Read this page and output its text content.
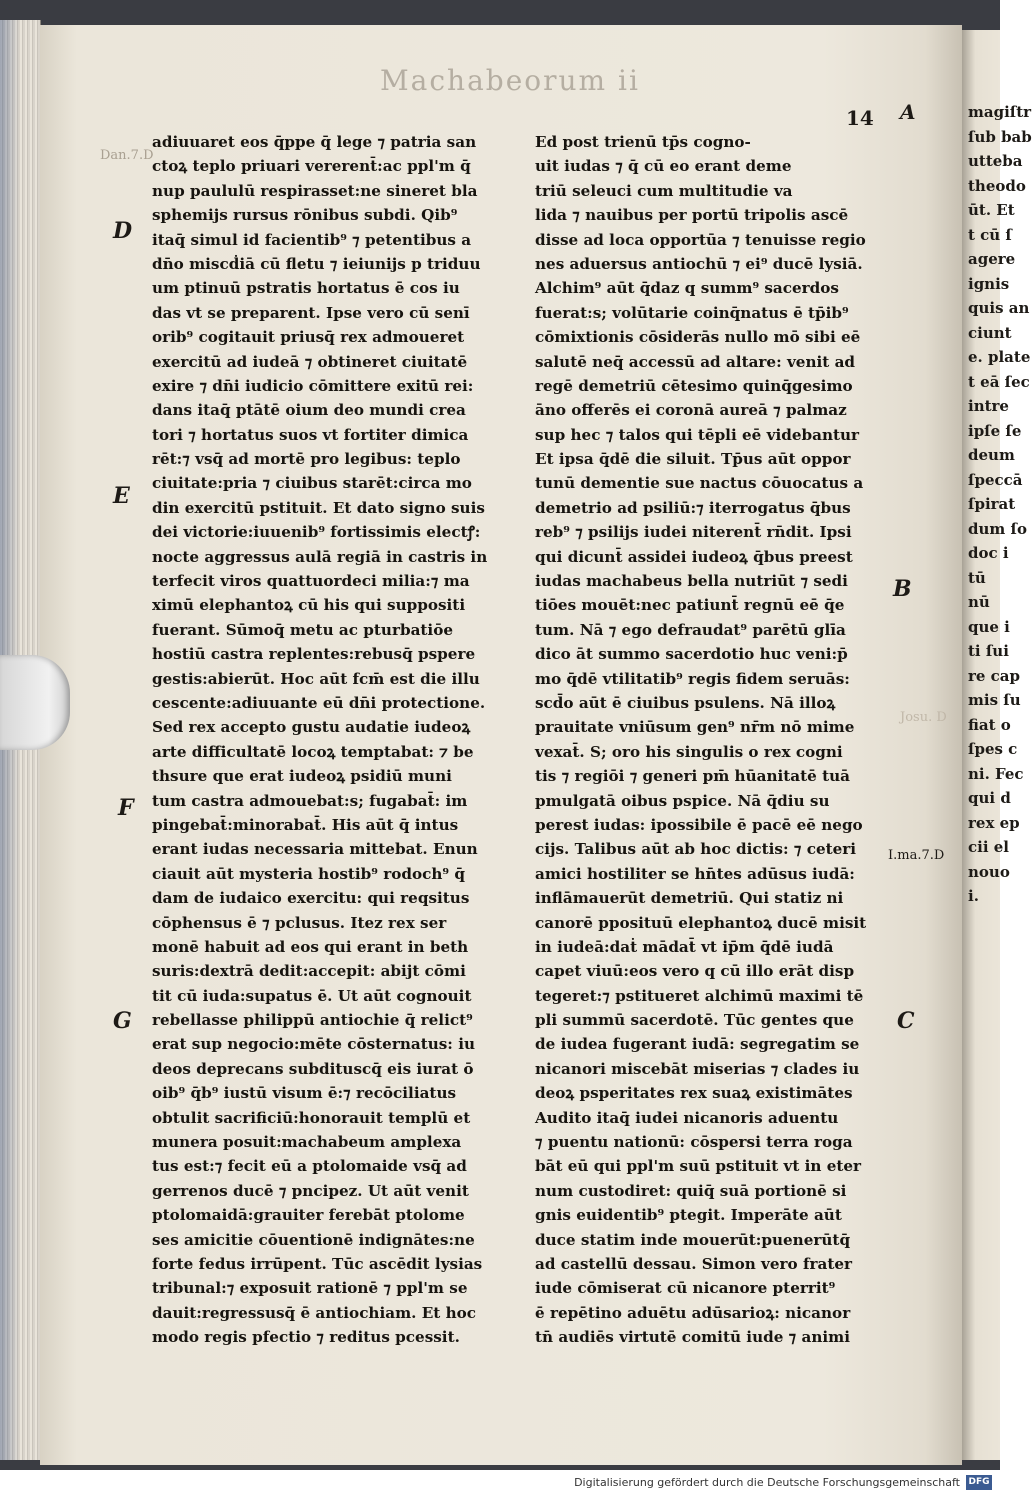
magiſtr
ſub bab
utteba
theodo
ūt. Et
t cū ſ
agere
ignis
quis an
ciunt
e. plate
t eā ſec
intre
ipſe ſe
deum
ſpeccā
ſpirat
dum ſo
doc i
tū
nū
que i
ti ſui
re cap
mis ſu
fiat o
ſpes c
ni. Fec
qui d
rex ep
cii el
nouo
i.
Machabeorum ii
14 A
Dan.7.D
I.ma.7.D
Josu. D
D
E
F
G
B
C
adiuuaret eos q̄ppe q̄ lege ⁊ patria san
ctoꝝ teplo priuari vererent̄:ac ppl'm q̄
nup paululū respirasset:ne sineret bla
sphemijs rursus rōnibus subdi. Qib⁹
itaq̄ simul id facientib⁹ ⁊ petentibus a
dn̄o miscḋiā cū fletu ⁊ ieiunijs p triduu
um ptinuū pstratis hortatus ē cos iu
das vt se preparent. Ipse vero cū senī
orib⁹ cogitauit priusq̄ rex admoueret
exercitū ad iudeā ⁊ obtineret ciuitatē
exire ⁊ dn̄i iudicio cōmittere exitū rei:
dans itaq̄ ptātē oium deo mundi crea
tori ⁊ hortatus suos vt fortiter dimica
rēt:⁊ vsq̄ ad mortē pro legibus: teplo
ciuitate:pria ⁊ ciuibus starēt:circa mo
din exercitū pstituit. Et dato signo suis
dei victorie:iuuenib⁹ fortissimis electꝭ:
nocte aggressus aulā regiā in castris in
terfecit viros quattuordeci milia:⁊ ma
ximū elephantoꝝ cū his qui suppositi
fuerant. Sūmoq̄ metu ac pturbatiōe
hostiū castra replentes:rebusq̄ pspere
gestis:abierūt. Hoc aūt fcm̄ est die illu
cescente:adiuuante eū dn̄i protectione.
Sed rex accepto gustu audatie iudeoꝝ
arte difficultatē locoꝝ temptabat: ⁊ be
thsure que erat iudeoꝝ psidiū muni
tum castra admouebat:s; fugabat̄: im
pingebat̄:minorabat̄. His aūt q̄ intus
erant iudas necessaria mittebat. Enun
ciauit aūt mysteria hostib⁹ rodoch⁹ q̄
dam de iudaico exercitu: qui reqsitus
cōphensus ē ⁊ pclusus. Itez rex ser
monē habuit ad eos qui erant in beth
suris:dextrā dedit:accepit: abijt cōmi
tit cū iuda:supatus ē. Ut aūt cognouit
rebellasse philippū antiochie q̄ relict⁹
erat sup negocio:mēte cōsternatus: iu
deos deprecans subdituscq̄ eis iurat ō
oib⁹ q̄b⁹ iustū visum ē:⁊ recōciliatus
obtulit sacrificiū:honorauit templū et
munera posuit:machabeum amplexa
tus est:⁊ fecit eū a ptolomaide vsq̄ ad
gerrenos ducē ⁊ pncipez. Ut aūt venit
ptolomaidā:grauiter ferebāt ptolome
ses amicitie cōuentionē indignātes:ne
forte fedus irrūpent. Tūc ascēdit lysias
tribunal:⁊ exposuit rationē ⁊ ppl'm se
dauit:regressusq̄ ē antiochiam. Et hoc
modo regis pfectio ⁊ reditus pcessit.
Ed post trienū tp̄s cogno-
uit iudas ⁊ q̄ cū eo erant deme
triū seleuci cum multitudie va
lida ⁊ nauibus per portū tripolis ascē
disse ad loca opportūa ⁊ tenuisse regio
nes aduersus antiochū ⁊ ei⁹ ducē lysiā.
Alchim⁹ aūt q̄daz q summ⁹ sacerdos
fuerat:s; volūtarie coinq̄natus ē tp̄ib⁹
cōmixtionis cōsiderās nullo mō sibi eē
salutē neq̄ accessū ad altare: venit ad
regē demetriū cētesimo quinq̄gesimo
āno offerēs ei coronā aureā ⁊ palmaz
sup hec ⁊ talos qui tēpli eē videbantur
Et ipsa q̄dē die siluit. Tp̄us aūt oppor
tunū dementie sue nactus cōuocatus a
demetrio ad psiliū:⁊ iterrogatus q̄bus
reb⁹ ⁊ psilijs iudei niterent̄ rn̄dit. Ipsi
qui dicunt̄ assidei iudeoꝝ q̄bus preest
iudas machabeus bella nutriūt ⁊ sedi
tiōes mouēt:nec patiunt̄ regnū eē q̄e
tum. Nā ⁊ ego defraudat⁹ parētū glīa
dico āt summo sacerdotio huc veni:p̄
mo q̄dē vtilitatib⁹ regis fidem seruās:
scd̄o aūt ē ciuibus psulens. Nā illoꝝ
prauitate vniūsum gen⁹ nr̄m nō mime
vexat̄. S; oro his singulis o rex cogni
tis ⁊ regiōi ⁊ generi pm̄ hūanitatē tuā
pmulgatā oibus pspice. Nā q̄diu su
perest iudas: ipossibile ē pacē eē nego
cijs. Talibus aūt ab hoc dictis: ⁊ ceteri
amici hostiliter se hn̄tes adūsus iudā:
inflāmauerūt demetriū. Qui statiz ni
canorē pposituū elephantoꝝ ducē misit
in iudeā:daṫ mādat̄ vt ip̄m q̄dē iudā
capet viuū:eos vero q cū illo erāt disp
tegeret:⁊ pstitueret alchimū maximi tē
pli summū sacerdotē. Tūc gentes que
de iudea fugerant iudā: segregatim se
nicanori miscebāt miserias ⁊ clades iu
deoꝝ psperitates rex suaꝝ existimātes
Audito itaq̄ iudei nicanoris aduentu
⁊ puentu nationū: cōspersi terra roga
bāt eū qui ppl'm suū pstituit vt in eter
num custodiret: quiq̄ suā portionē si
gnis euidentib⁹ ptegit. Imperāte aūt
duce statim inde mouerūt:puenerūtq̄
ad castellū dessau. Simon vero frater
iude cōmiserat cū nicanore pterrit⁹
ē repētino aduētu adūsarioꝝ: nicanor
tn̄ audiēs virtutē comitū iude ⁊ animi
Digitalisierung gefördert durch die Deutsche Forschungsgemeinschaft DFG
